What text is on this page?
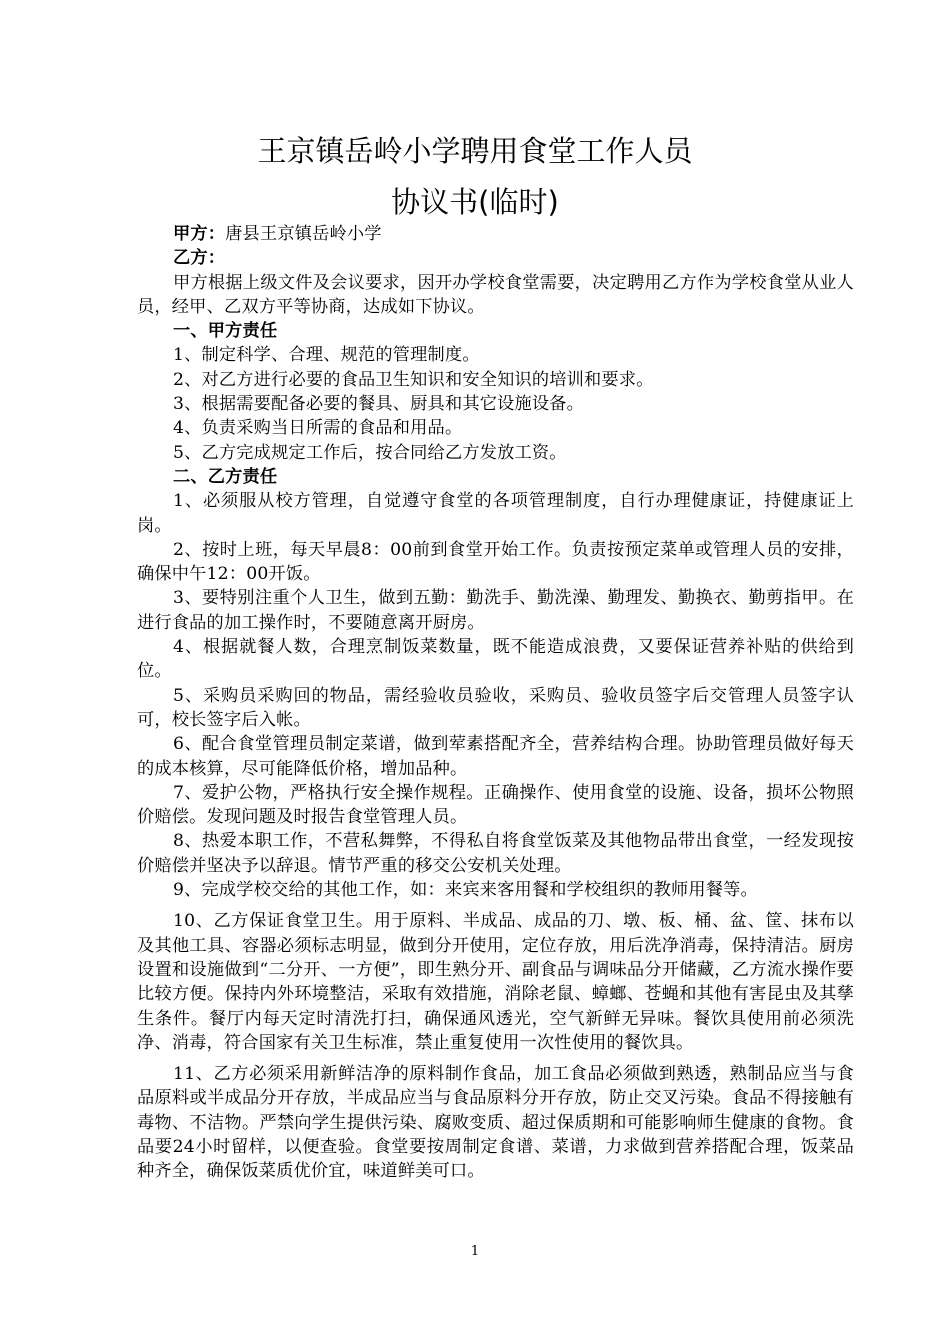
王京镇岳岭小学聘用食堂工作人员
协议书(临时)

甲方：唐县王京镇岳岭小学

乙方：

甲方根据上级文件及会议要求，因开办学校食堂需要，决定聘用乙方作为学校食堂从业人员，经甲、乙双方平等协商，达成如下协议。

一、甲方责任

1、制定科学、合理、规范的管理制度。

2、对乙方进行必要的食品卫生知识和安全知识的培训和要求。

3、根据需要配备必要的餐具、厨具和其它设施设备。

4、负责采购当日所需的食品和用品。

5、乙方完成规定工作后，按合同给乙方发放工资。

二、乙方责任

1、必须服从校方管理，自觉遵守食堂的各项管理制度，自行办理健康证，持健康证上岗。

2、按时上班，每天早晨8：00前到食堂开始工作。负责按预定菜单或管理人员的安排，确保中午12：00开饭。

3、要特别注重个人卫生，做到五勤：勤洗手、勤洗澡、勤理发、勤换衣、勤剪指甲。在进行食品的加工操作时，不要随意离开厨房。

4、根据就餐人数，合理烹制饭菜数量，既不能造成浪费，又要保证营养补贴的供给到位。

5、采购员采购回的物品，需经验收员验收，采购员、验收员签字后交管理人员签字认可，校长签字后入帐。

6、配合食堂管理员制定菜谱，做到荤素搭配齐全，营养结构合理。协助管理员做好每天的成本核算，尽可能降低价格，增加品种。

7、爱护公物，严格执行安全操作规程。正确操作、使用食堂的设施、设备，损坏公物照价赔偿。发现问题及时报告食堂管理人员。

8、热爱本职工作，不营私舞弊，不得私自将食堂饭菜及其他物品带出食堂，一经发现按价赔偿并坚决予以辞退。情节严重的移交公安机关处理。

9、完成学校交给的其他工作，如：来宾来客用餐和学校组织的教师用餐等。

10、乙方保证食堂卫生。用于原料、半成品、成品的刀、墩、板、桶、盆、筐、抹布以及其他工具、容器必须标志明显，做到分开使用，定位存放，用后洗净消毒，保持清洁。厨房设置和设施做到“二分开、一方便”，即生熟分开、副食品与调味品分开储藏，乙方流水操作要比较方便。保持内外环境整洁，采取有效措施，消除老鼠、蟑螂、苍蝇和其他有害昆虫及其孳生条件。餐厅内每天定时清洗打扫，确保通风透光，空气新鲜无异味。餐饮具使用前必须洗净、消毒，符合国家有关卫生标准，禁止重复使用一次性使用的餐饮具。

11、乙方必须采用新鲜洁净的原料制作食品，加工食品必须做到熟透，熟制品应当与食品原料或半成品分开存放，半成品应当与食品原料分开存放，防止交叉污染。食品不得接触有毒物、不洁物。严禁向学生提供污染、腐败变质、超过保质期和可能影响师生健康的食物。食品要24小时留样，以便查验。食堂要按周制定食谱、菜谱，力求做到营养搭配合理，饭菜品种齐全，确保饭菜质优价宜，味道鲜美可口。

1
